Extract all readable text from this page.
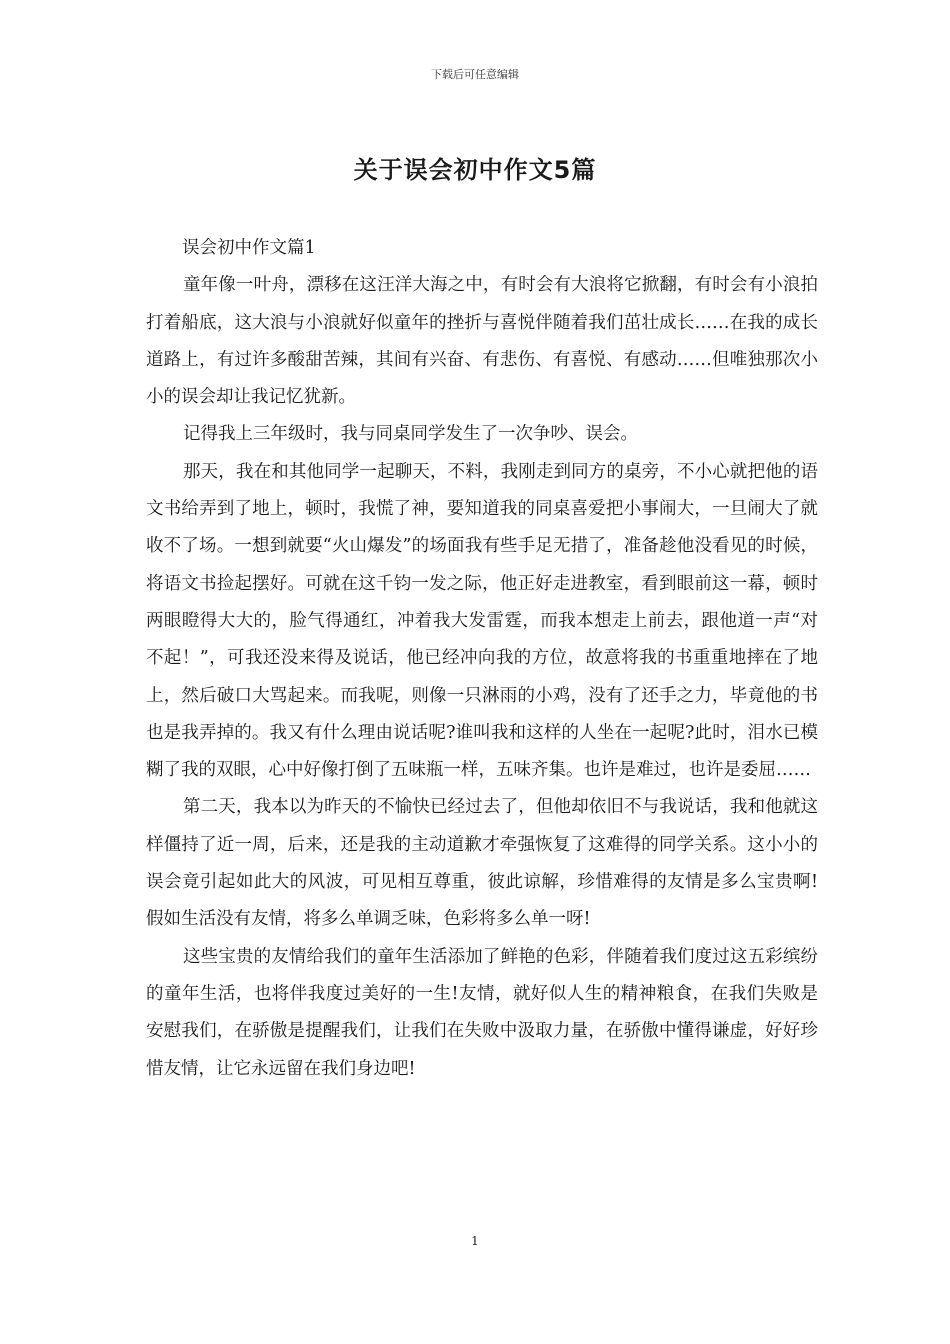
下载后可任意编辑
关于误会初中作文5篇

误会初中作文篇1

童年像一叶舟，漂移在这汪洋大海之中，有时会有大浪将它掀翻，有时会有小浪拍打着船底，这大浪与小浪就好似童年的挫折与喜悦伴随着我们茁壮成长……在我的成长道路上，有过许多酸甜苦辣，其间有兴奋、有悲伤、有喜悦、有感动……但唯独那次小小的误会却让我记忆犹新。

记得我上三年级时，我与同桌同学发生了一次争吵、误会。

那天，我在和其他同学一起聊天，不料，我刚走到同方的桌旁，不小心就把他的语文书给弄到了地上，顿时，我慌了神，要知道我的同桌喜爱把小事闹大，一旦闹大了就收不了场。一想到就要“火山爆发”的场面我有些手足无措了，准备趁他没看见的时候，将语文书捡起摆好。可就在这千钧一发之际，他正好走进教室，看到眼前这一幕，顿时两眼瞪得大大的，脸气得通红，冲着我大发雷霆，而我本想走上前去，跟他道一声“对不起！”，可我还没来得及说话，他已经冲向我的方位，故意将我的书重重地摔在了地上，然后破口大骂起来。而我呢，则像一只淋雨的小鸡，没有了还手之力，毕竟他的书也是我弄掉的。我又有什么理由说话呢?谁叫我和这样的人坐在一起呢?此时，泪水已模糊了我的双眼，心中好像打倒了五味瓶一样，五味齐集。也许是难过，也许是委屈……

第二天，我本以为昨天的不愉快已经过去了，但他却依旧不与我说话，我和他就这样僵持了近一周，后来，还是我的主动道歉才牵强恢复了这难得的同学关系。这小小的误会竟引起如此大的风波，可见相互尊重，彼此谅解，珍惜难得的友情是多么宝贵啊!假如生活没有友情，将多么单调乏味，色彩将多么单一呀!

这些宝贵的友情给我们的童年生活添加了鲜艳的色彩，伴随着我们度过这五彩缤纷的童年生活，也将伴我度过美好的一生!友情，就好似人生的精神粮食，在我们失败是安慰我们，在骄傲是提醒我们，让我们在失败中汲取力量，在骄傲中懂得谦虚，好好珍惜友情，让它永远留在我们身边吧!

1
